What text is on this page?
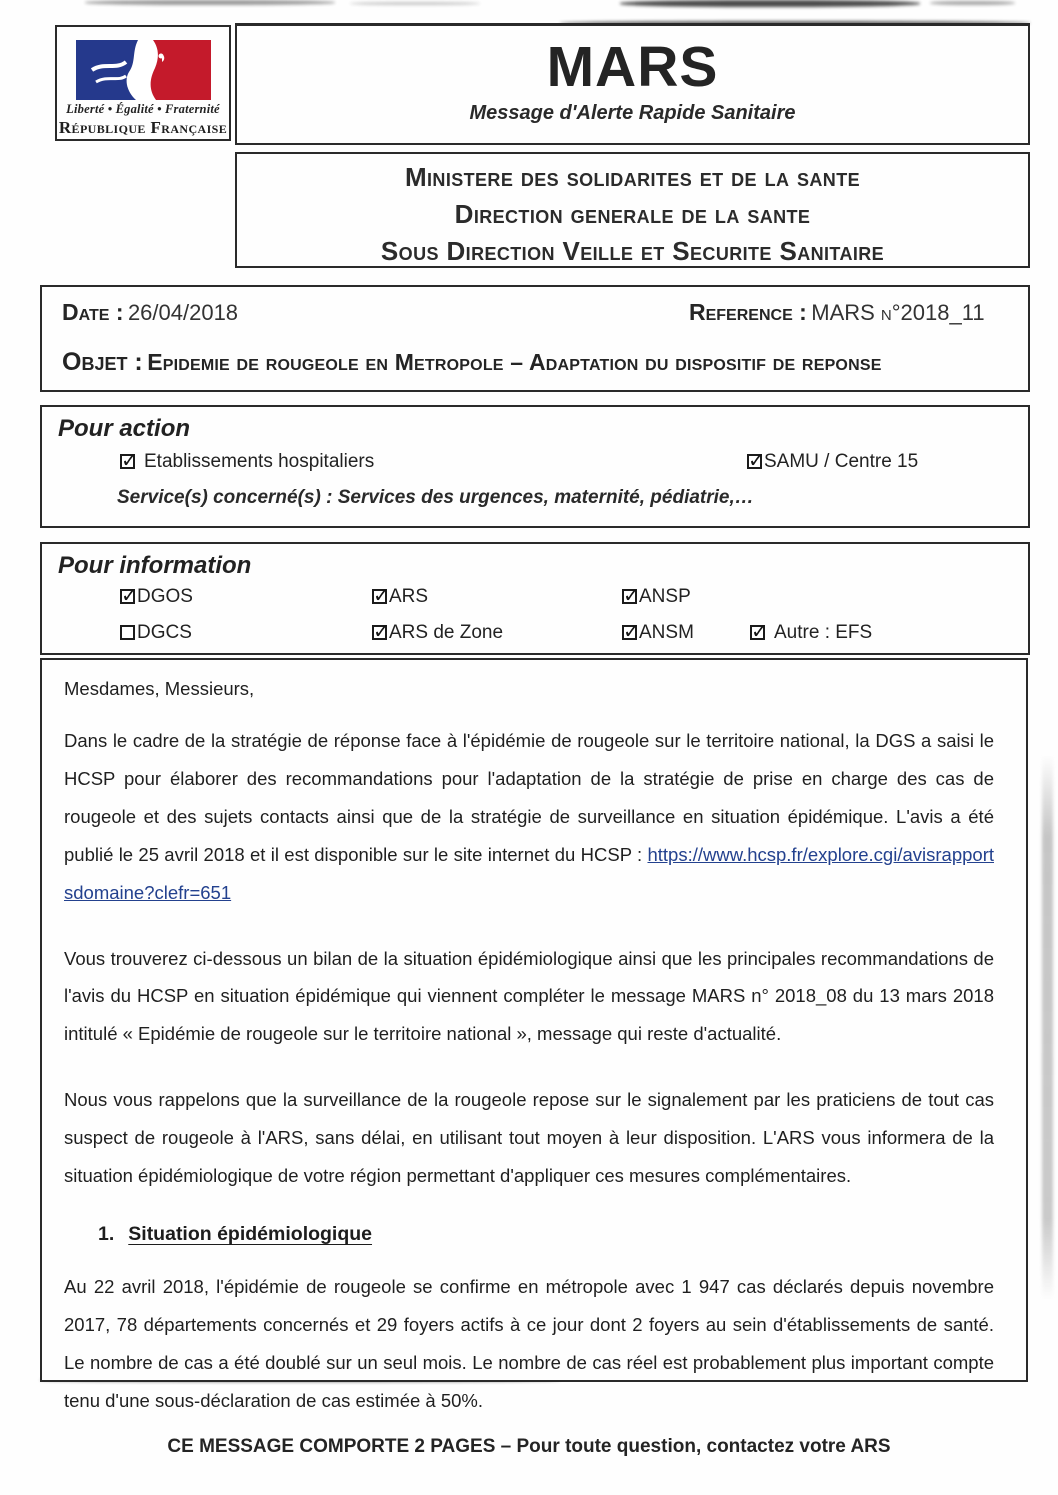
Liberté • Égalité • Fraternité
République Française
MARS
Message d'Alerte Rapide Sanitaire
Ministere des solidarites et de la sante
Direction generale de la sante
Sous Direction Veille et Securite Sanitaire
Date : 26/04/2018	Reference : MARS n°2018_11
Objet : Epidemie de rougeole en Metropole – Adaptation du dispositif de reponse
Pour action
✓Etablissements hospitaliers ✓	SAMU / Centre 15
Service(s) concerné(s) : Services des urgences, maternité, pédiatrie,…
Pour information
✓DGOS ✓	ARS ✓	ANSP
DGCS ✓	ARS de Zone ✓	ANSM ✓	Autre : EFS

Mesdames, Messieurs,

Dans le cadre de la stratégie de réponse face à l'épidémie de rougeole sur le territoire national, la DGS a saisi le HCSP pour élaborer des recommandations pour l'adaptation de la stratégie de prise en charge des cas de rougeole et des sujets contacts ainsi que de la stratégie de surveillance en situation épidémique. L'avis a été publié le 25 avril 2018 et il est disponible sur le site internet du HCSP : https://www.hcsp.fr/explore.cgi/avisrapportsdomaine?clefr=651

Vous trouverez ci-dessous un bilan de la situation épidémiologique ainsi que les principales recommandations de l'avis du HCSP en situation épidémique qui viennent compléter le message MARS n° 2018_08 du 13 mars 2018 intitulé « Epidémie de rougeole sur le territoire national », message qui reste d'actualité.

Nous vous rappelons que la surveillance de la rougeole repose sur le signalement par les praticiens de tout cas suspect de rougeole à l'ARS, sans délai, en utilisant tout moyen à leur disposition. L'ARS vous informera de la situation épidémiologique de votre région permettant d'appliquer ces mesures complémentaires.

1. Situation épidémiologique

Au 22 avril 2018, l'épidémie de rougeole se confirme en métropole avec 1 947 cas déclarés depuis novembre 2017, 78 départements concernés et 29 foyers actifs à ce jour dont 2 foyers au sein d'établissements de santé. Le nombre de cas a été doublé sur un seul mois. Le nombre de cas réel est probablement plus important compte tenu d'une sous-déclaration de cas estimée à 50%.

CE MESSAGE COMPORTE 2 PAGES – Pour toute question, contactez votre ARS
